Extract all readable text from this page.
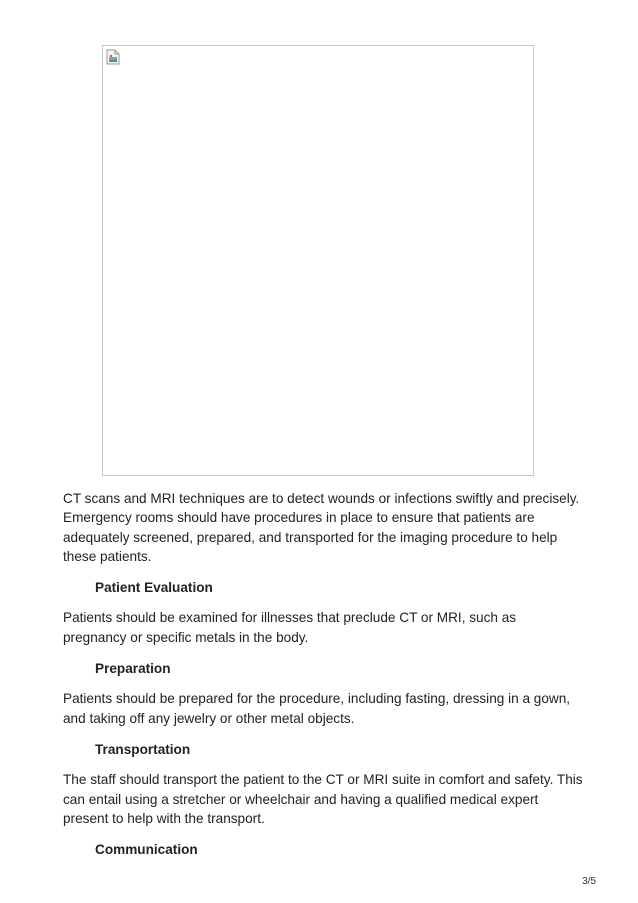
CT scans and MRI techniques are to detect wounds or infections swiftly and precisely. Emergency rooms should have procedures in place to ensure that patients are adequately screened, prepared, and transported for the imaging procedure to help these patients.

Patient Evaluation

Patients should be examined for illnesses that preclude CT or MRI, such as pregnancy or specific metals in the body.

Preparation

Patients should be prepared for the procedure, including fasting, dressing in a gown, and taking off any jewelry or other metal objects.

Transportation

The staff should transport the patient to the CT or MRI suite in comfort and safety. This can entail using a stretcher or wheelchair and having a qualified medical expert present to help with the transport.

Communication

3/5
